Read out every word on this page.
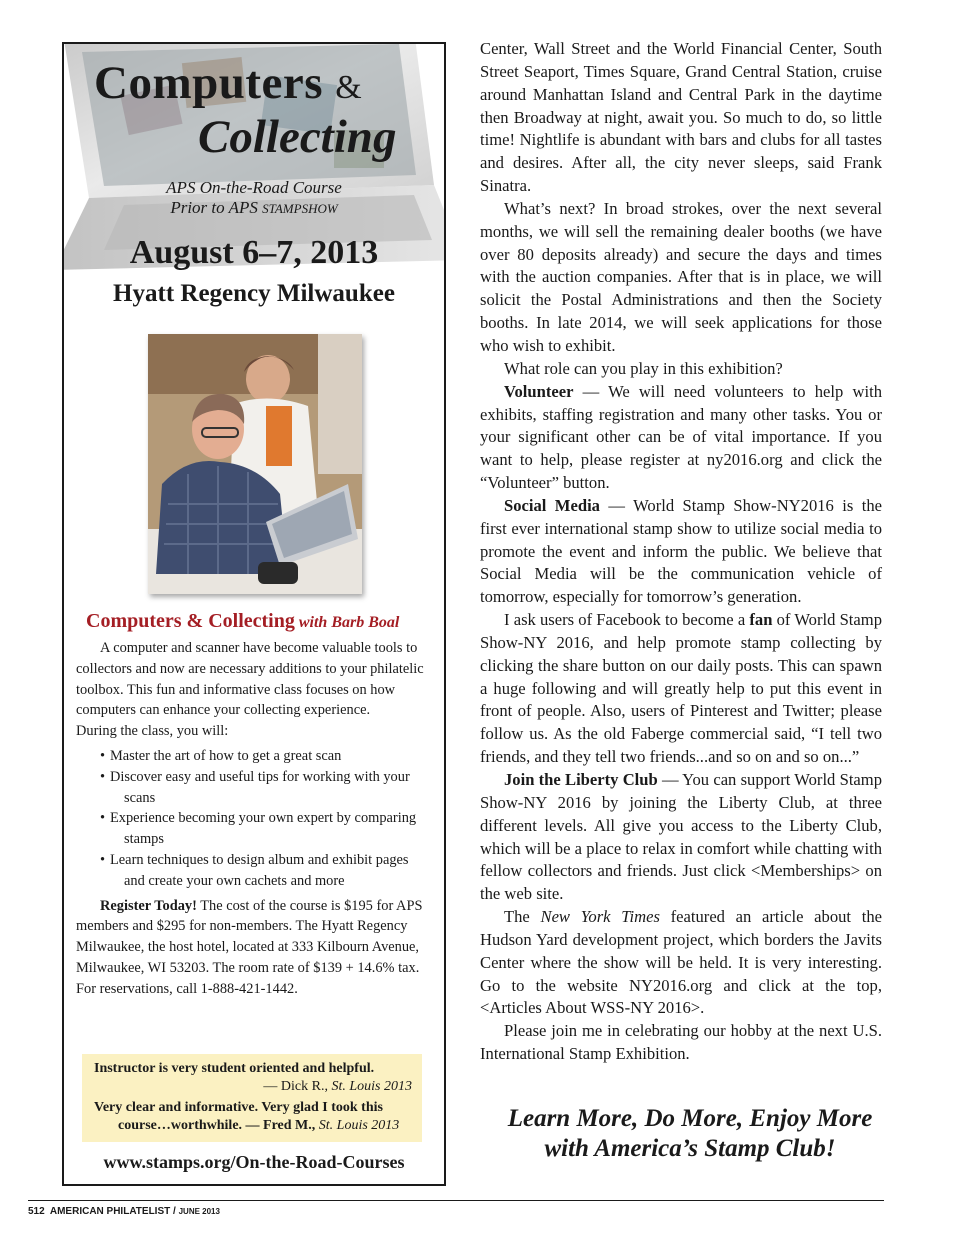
Computers &
Collecting
APS On-the-Road Course
Prior to APS STAMPSHOW
August 6–7, 2013
Hyatt Regency Milwaukee
Computers & Collecting with Barb Boal

A computer and scanner have become valuable tools to collectors and now are necessary additions to your philatelic toolbox. This fun and informative class focuses on how computers can enhance your collecting experience.

During the class, you will:

• Master the art of how to get a great scan
• Discover easy and useful tips for working with your scans
• Experience becoming your own expert by comparing stamps
• Learn techniques to design album and exhibit pages and create your own cachets and more

Register Today! The cost of the course is $195 for APS members and $295 for non-members. The Hyatt Regency Milwaukee, the host hotel, located at 333 Kilbourn Avenue, Milwaukee, WI 53203. The room rate of $139 + 14.6% tax. For reservations, call 1-888-421-1442.

Instructor is very student oriented and helpful.
— Dick R., St. Louis 2013
Very clear and informative. Very glad I took this course…worthwhile. — Fred M., St. Louis 2013
www.stamps.org/On-the-Road-Courses

Center, Wall Street and the World Financial Center, South Street Seaport, Times Square, Grand Central Station, cruise around Manhattan Island and Central Park in the daytime then Broadway at night, await you. So much to do, so little time! Nightlife is abundant with bars and clubs for all tastes and desires. After all, the city never sleeps, said Frank Sinatra.

What’s next? In broad strokes, over the next several months, we will sell the remaining dealer booths (we have over 80 deposits already) and secure the days and times with the auction companies. After that is in place, we will solicit the Postal Administrations and then the Society booths. In late 2014, we will seek applications for those who wish to exhibit.

What role can you play in this exhibition?

Volunteer — We will need volunteers to help with exhibits, staffing registration and many other tasks. You or your significant other can be of vital importance. If you want to help, please register at ny2016.org and click the “Volunteer” button.

Social Media — World Stamp Show-NY2016 is the first ever international stamp show to utilize social media to promote the event and inform the public. We believe that Social Media will be the communication vehicle of tomorrow, especially for tomorrow’s generation.

I ask users of Facebook to become a fan of World Stamp Show-NY 2016, and help promote stamp collecting by clicking the share button on our daily posts. This can spawn a huge following and will greatly help to put this event in front of people. Also, users of Pinterest and Twitter; please follow us. As the old Faberge commercial said, “I tell two friends, and they tell two friends...and so on and so on...”

Join the Liberty Club — You can support World Stamp Show-NY 2016 by joining the Liberty Club, at three different levels. All give you access to the Liberty Club, which will be a place to relax in comfort while chatting with fellow collectors and friends. Just click <Memberships> on the web site.

The New York Times featured an article about the Hudson Yard development project, which borders the Javits Center where the show will be held. It is very interesting. Go to the website NY2016.org and click at the top, <Articles About WSS-NY 2016>.

Please join me in celebrating our hobby at the next U.S. International Stamp Exhibition.

Learn More, Do More, Enjoy More
with America’s Stamp Club!
512 AMERICAN PHILATELIST / JUNE 2013
